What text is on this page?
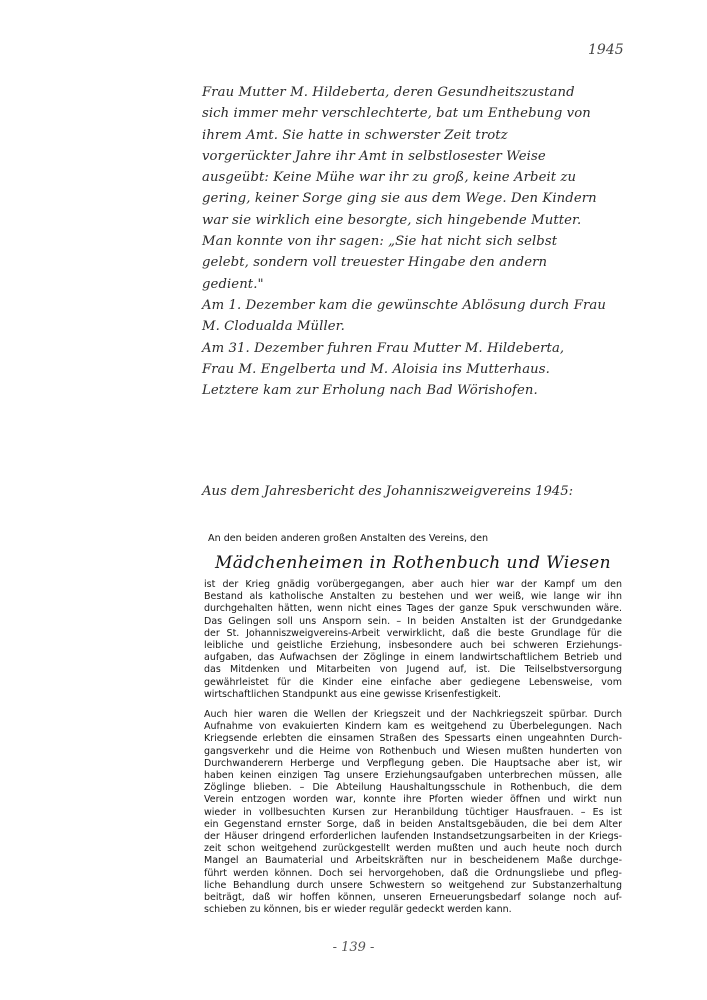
1945
Frau Mutter M. Hildeberta, deren Gesundheitszustand
sich immer mehr verschlechterte, bat um Enthebung von
ihrem Amt. Sie hatte in schwerster Zeit trotz
vorgerückter Jahre ihr Amt in selbstlosester Weise
ausgeübt: Keine Mühe war ihr zu groß, keine Arbeit zu
gering, keiner Sorge ging sie aus dem Wege. Den Kindern
war sie wirklich eine besorgte, sich hingebende Mutter.
Man konnte von ihr sagen: „Sie hat nicht sich selbst
gelebt, sondern voll treuester Hingabe den andern
gedient."
Am 1. Dezember kam die gewünschte Ablösung durch Frau
M. Clodualda Müller.
Am 31. Dezember fuhren Frau Mutter M. Hildeberta,
Frau M. Engelberta und M. Aloisia ins Mutterhaus.
Letztere kam zur Erholung nach Bad Wörishofen.
Aus dem Jahresbericht des Johanniszweigvereins 1945:
An den beiden anderen großen Anstalten des Vereins, den
Mädchenheimen in Rothenbuch und Wiesen
ist der Krieg gnädig vorübergegangen, aber auch hier war der Kampf um den
Bestand als katholische Anstalten zu bestehen und wer weiß, wie lange wir ihn
durchgehalten hätten, wenn nicht eines Tages der ganze Spuk verschwunden wäre.
Das Gelingen soll uns Ansporn sein. – In beiden Anstalten ist der Grundgedanke
der St. Johanniszweigvereins-Arbeit verwirklicht, daß die beste Grundlage für die
leibliche und geistliche Erziehung, insbesondere auch bei schweren Erziehungs-
aufgaben, das Aufwachsen der Zöglinge in einem landwirtschaftlichem Betrieb und
das Mitdenken und Mitarbeiten von Jugend auf, ist. Die Teilselbstversorgung
gewährleistet für die Kinder eine einfache aber gediegene Lebensweise, vom
wirtschaftlichen Standpunkt aus eine gewisse Krisenfestigkeit.
Auch hier waren die Wellen der Kriegszeit und der Nachkriegszeit spürbar. Durch
Aufnahme von evakuierten Kindern kam es weitgehend zu Überbelegungen. Nach
Kriegsende erlebten die einsamen Straßen des Spessarts einen ungeahnten Durch-
gangsverkehr und die Heime von Rothenbuch und Wiesen mußten hunderten von
Durchwanderern Herberge und Verpflegung geben. Die Hauptsache aber ist, wir
haben keinen einzigen Tag unsere Erziehungsaufgaben unterbrechen müssen, alle
Zöglinge blieben. – Die Abteilung Haushaltungsschule in Rothenbuch, die dem
Verein entzogen worden war, konnte ihre Pforten wieder öffnen und wirkt nun
wieder in vollbesuchten Kursen zur Heranbildung tüchtiger Hausfrauen. – Es ist
ein Gegenstand ernster Sorge, daß in beiden Anstaltsgebäuden, die bei dem Alter
der Häuser dringend erforderlichen laufenden Instandsetzungsarbeiten in der Kriegs-
zeit schon weitgehend zurückgestellt werden mußten und auch heute noch durch
Mangel an Baumaterial und Arbeitskräften nur in bescheidenem Maße durchge-
führt werden können. Doch sei hervorgehoben, daß die Ordnungsliebe und pfleg-
liche Behandlung durch unsere Schwestern so weitgehend zur Substanzerhaltung
beiträgt, daß wir hoffen können, unseren Erneuerungsbedarf solange noch auf-
schieben zu können, bis er wieder regulär gedeckt werden kann.
- 139 -
